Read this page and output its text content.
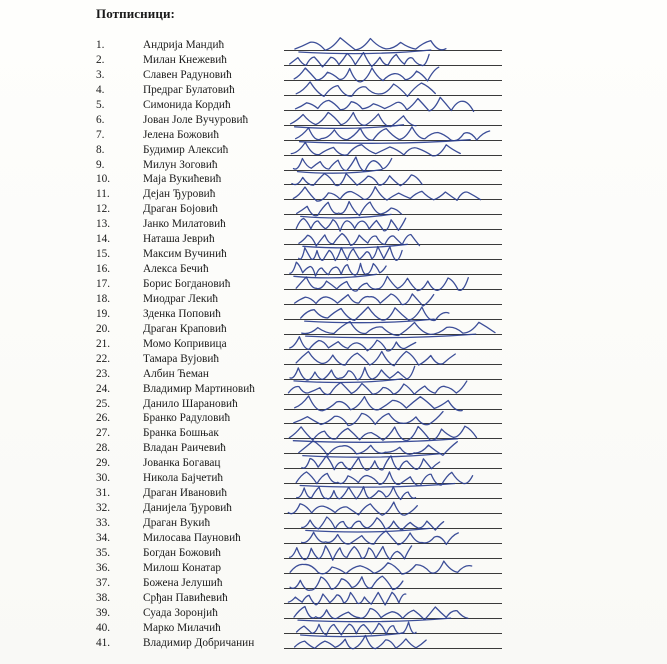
Потписници:
1.	Андрија Мандић
2.	Милан Кнежевић
3.	Славен Радуновић
4.	Предраг Булатовић
5.	Симонида Кордић
6.	Јован Јоле Вучуровић
7.	Јелена Божовић
8.	Будимир Алексић
9.	Милун Зоговић
10.	Маја Вукићевић
11.	Дејан Ђуровић
12.	Драган Бојовић
13.	Јанко Милатовић
14.	Наташа Јеврић
15.	Максим Вучинић
16.	Алекса Бечић
17.	Борис Богдановић
18.	Миодраг Лекић
19.	Зденка Поповић
20.	Драган Краповић
21.	Момо Копривица
22.	Тамара Вујовић
23.	Албин Ћеман
24.	Владимир Мартиновић
25.	Данило Шарановић
26.	Бранко Радуловић
27.	Бранка Бошњак
28.	Владан Раичевић
29.	Јованка Богавац
30.	Никола Бајчетић
31.	Драган Ивановић
32.	Данијела Ђуровић
33.	Драган Вукић
34.	Милосава Пауновић
35.	Богдан Божовић
36.	Милош Конатар
37.	Божена Јелушић
38.	Срђан Павићевић
39.	Суада Зоронјић
40.	Марко Милачић
41.	Владимир Добричанин
